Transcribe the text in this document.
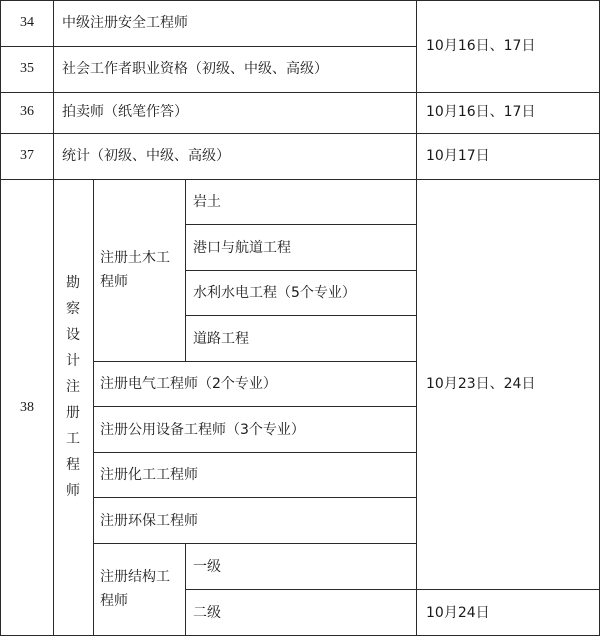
34 中级注册安全工程师
35 社会工作者职业资格（初级、中级、高级）
10月16日、17日
36 拍卖师（纸笔作答）	10月16日、17日
37 统计（初级、中级、高级）	10月17日
38
勘察设计注册工程师
注册土木工程师
岩土
港口与航道工程
水利水电工程（5个专业）
道路工程
注册电气工程师（2个专业）
注册公用设备工程师（3个专业）
注册化工工程师
注册环保工程师
注册结构工程师
一级
二级
10月23日、24日
10月24日
